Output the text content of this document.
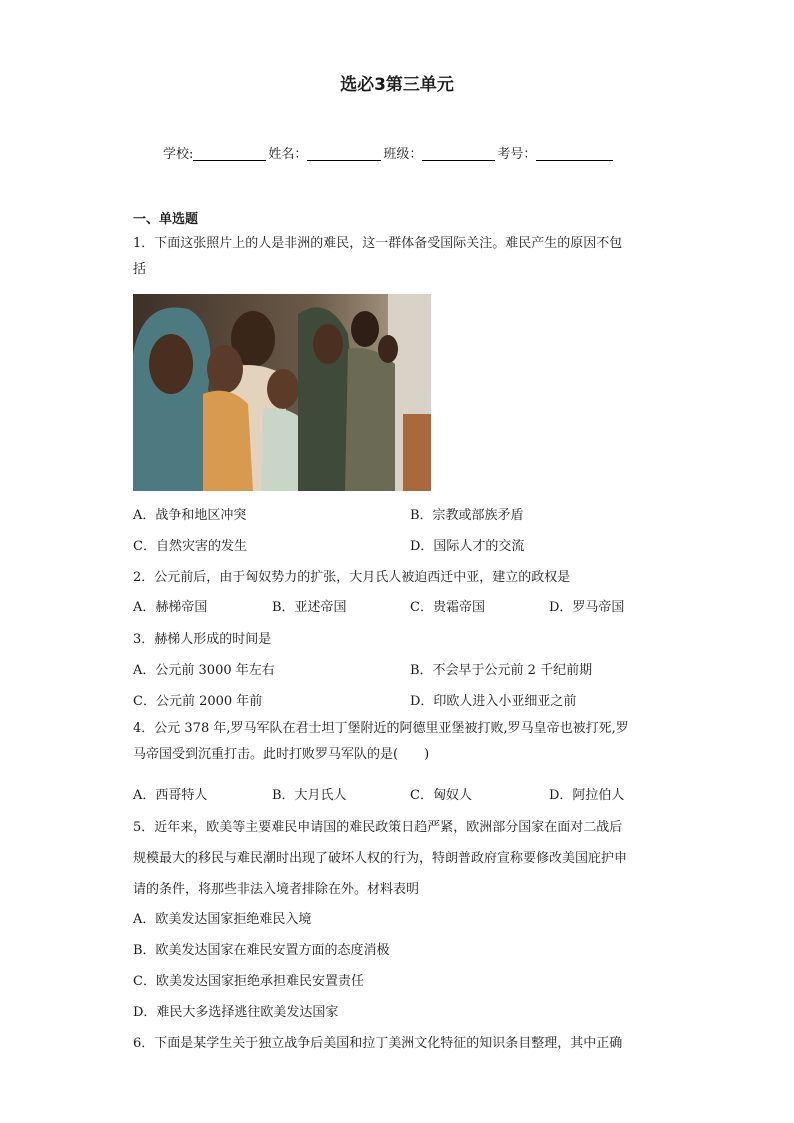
选必3第三单元
学校:	姓名：	班级：	考号：
一、单选题
1．下面这张照片上的人是非洲的难民，这一群体备受国际关注。难民产生的原因不包
括
A．战争和地区冲突	B．宗教或部族矛盾
C．自然灾害的发生	D．国际人才的交流
2．公元前后，由于匈奴势力的扩张，大月氏人被迫西迁中亚，建立的政权是
A．赫梯帝国	B．亚述帝国	C．贵霜帝国	D．罗马帝国
3．赫梯人形成的时间是
A．公元前 3000 年左右	B．不会早于公元前 2 千纪前期
C．公元前 2000 年前	D．印欧人进入小亚细亚之前
4．公元 378 年,罗马军队在君士坦丁堡附近的阿德里亚堡被打败,罗马皇帝也被打死,罗
马帝国受到沉重打击。此时打败罗马军队的是(　　)
A．西哥特人	B．大月氏人	C．匈奴人	D．阿拉伯人
5．近年来，欧美等主要难民申请国的难民政策日趋严紧，欧洲部分国家在面对二战后
规模最大的移民与难民潮时出现了破坏人权的行为，特朗普政府宣称要修改美国庇护申
请的条件，将那些非法入境者排除在外。材料表明
A．欧美发达国家拒绝难民入境
B．欧美发达国家在难民安置方面的态度消极
C．欧美发达国家拒绝承担难民安置责任
D．难民大多选择逃往欧美发达国家
6．下面是某学生关于独立战争后美国和拉丁美洲文化特征的知识条目整理，其中正确
